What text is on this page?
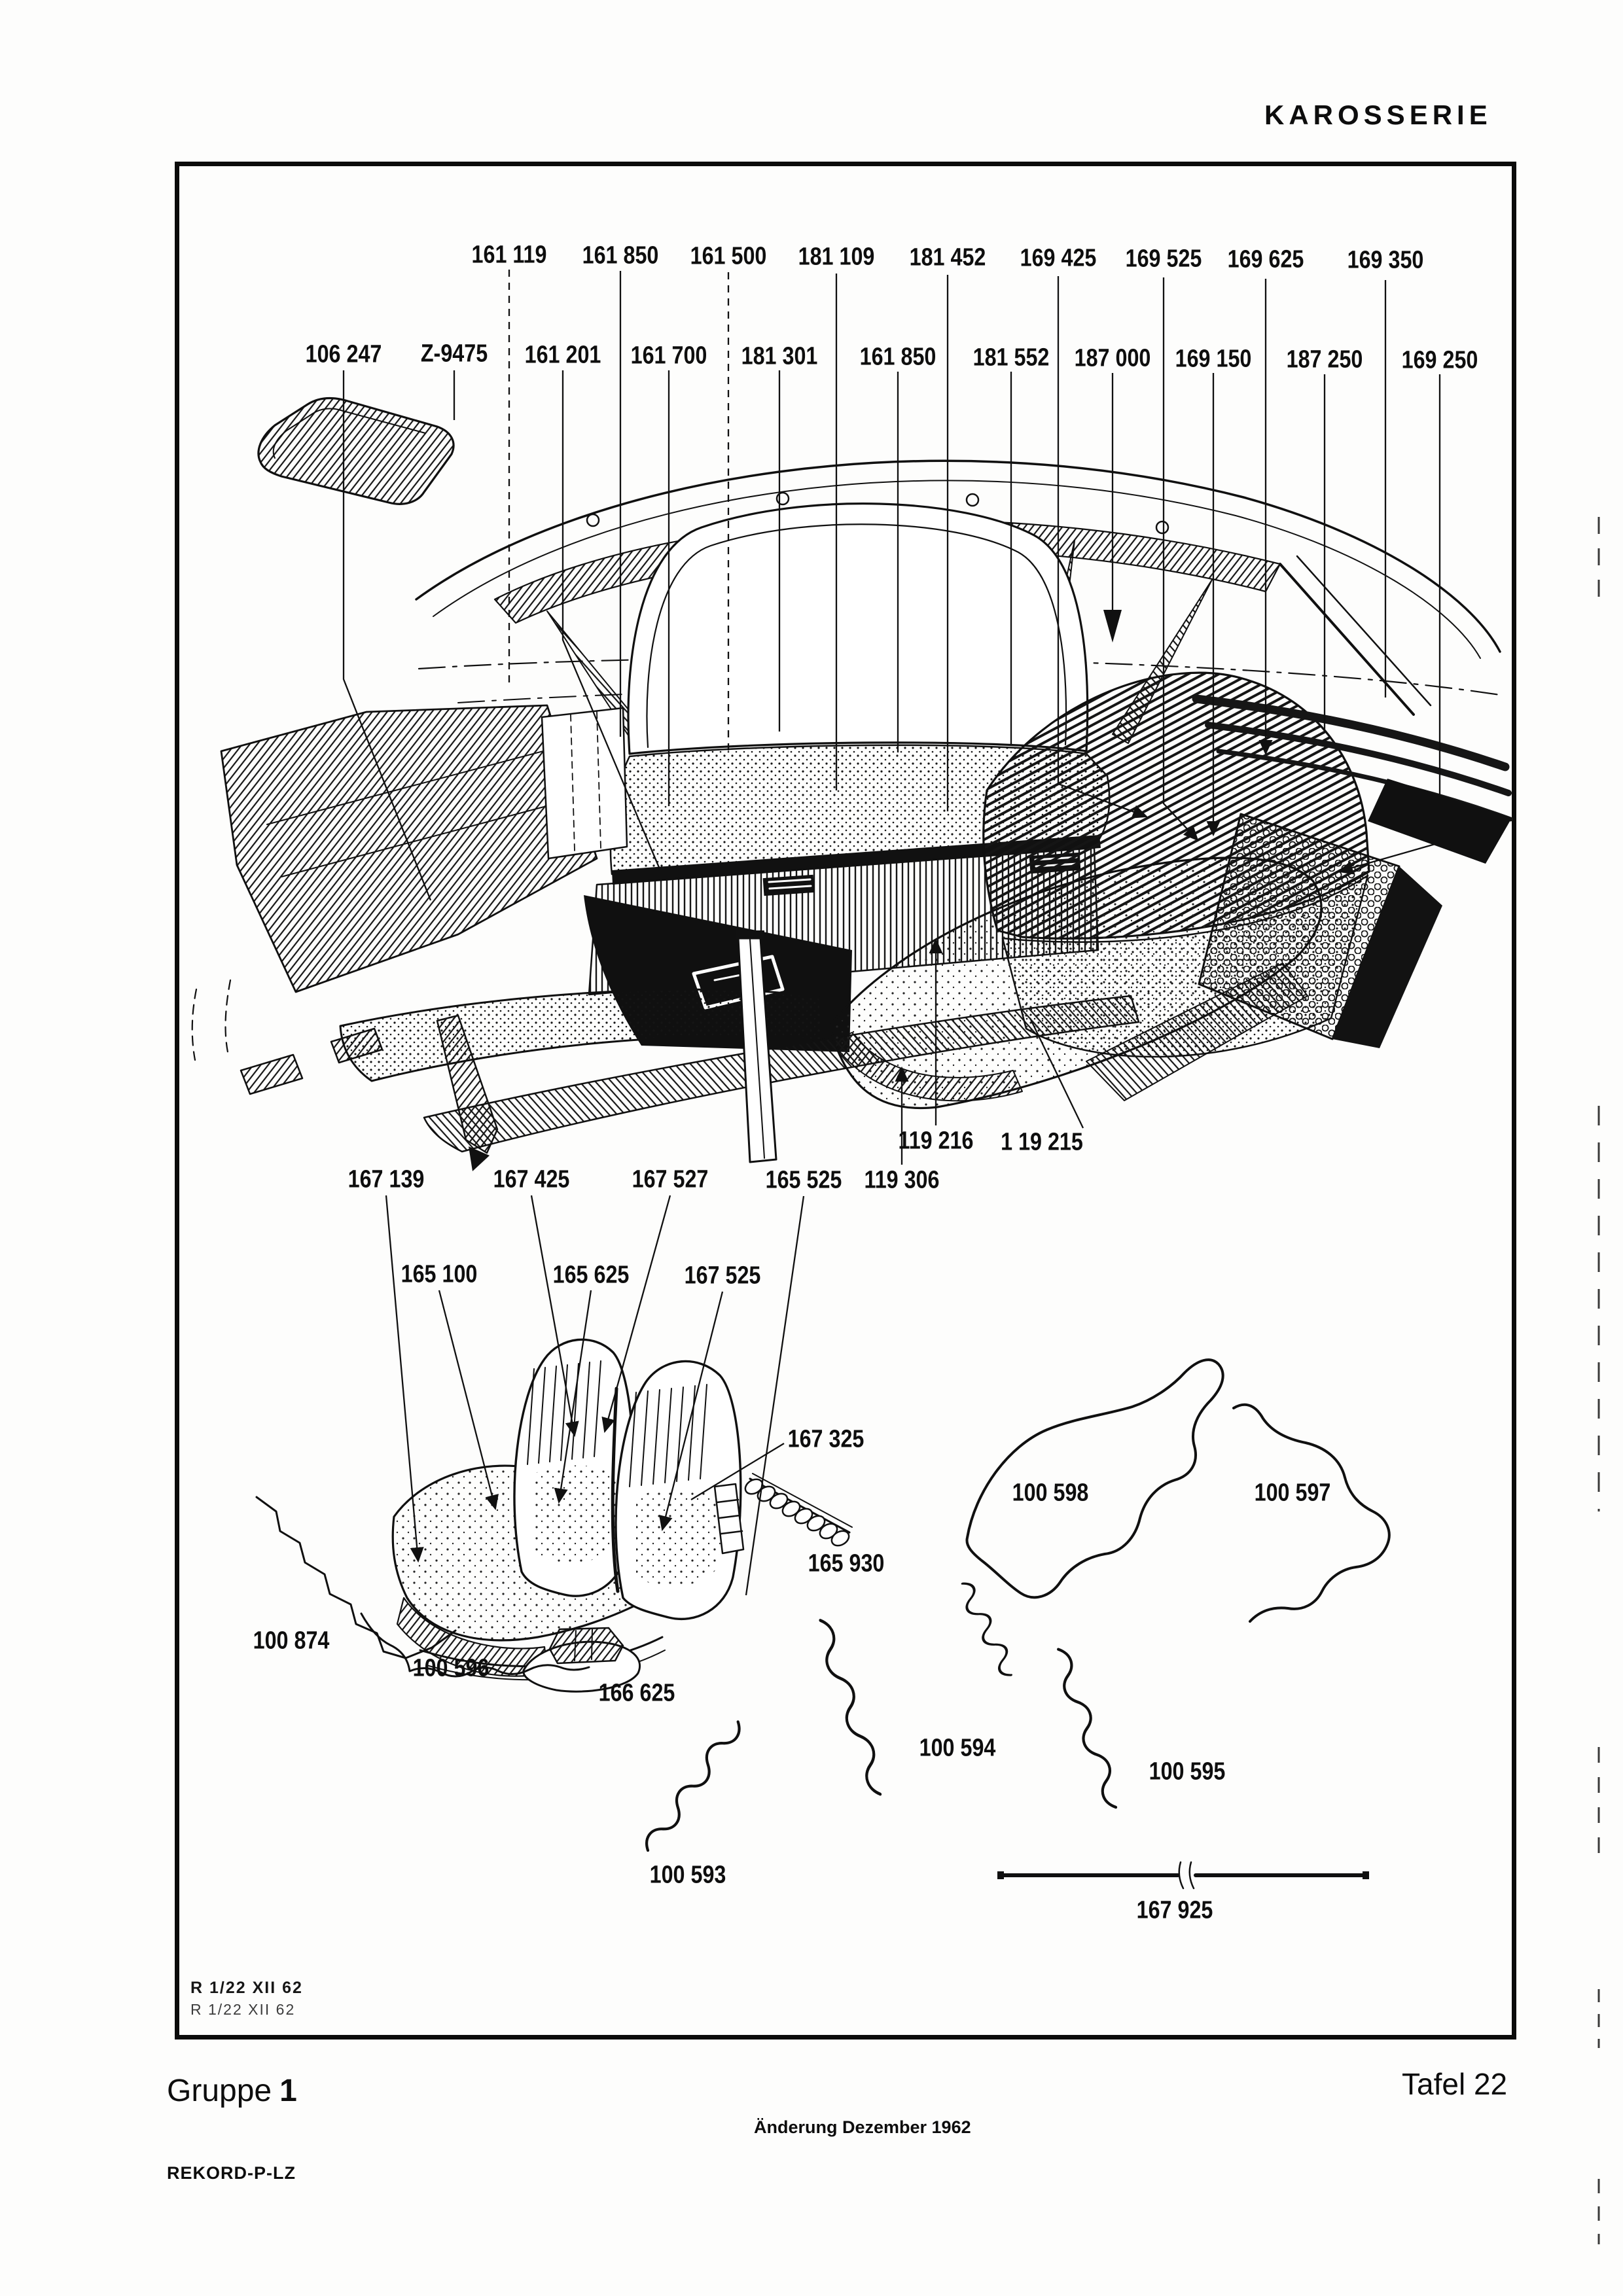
KAROSSERIE
161 119 161 850 161 500 181 109 181 452 169 425 169 525 169 625 169 350
106 247 Z-9475 161 201 161 700 181 301 161 850 181 552 187 000 169 150 187 250 169 250
119 216 1 19 215
167 139	167 425	167 527 165 525 119 306
165 100	165 625 167 525
167 325
100 598	100 597
165 930
100 874
100 596
166 625
100 594
100 595
100 593
167 925
R 1/22 XII 62
R 1/22 XII 62
Gruppe 1	Tafel 22
Änderung Dezember 1962
REKORD-P-LZ
